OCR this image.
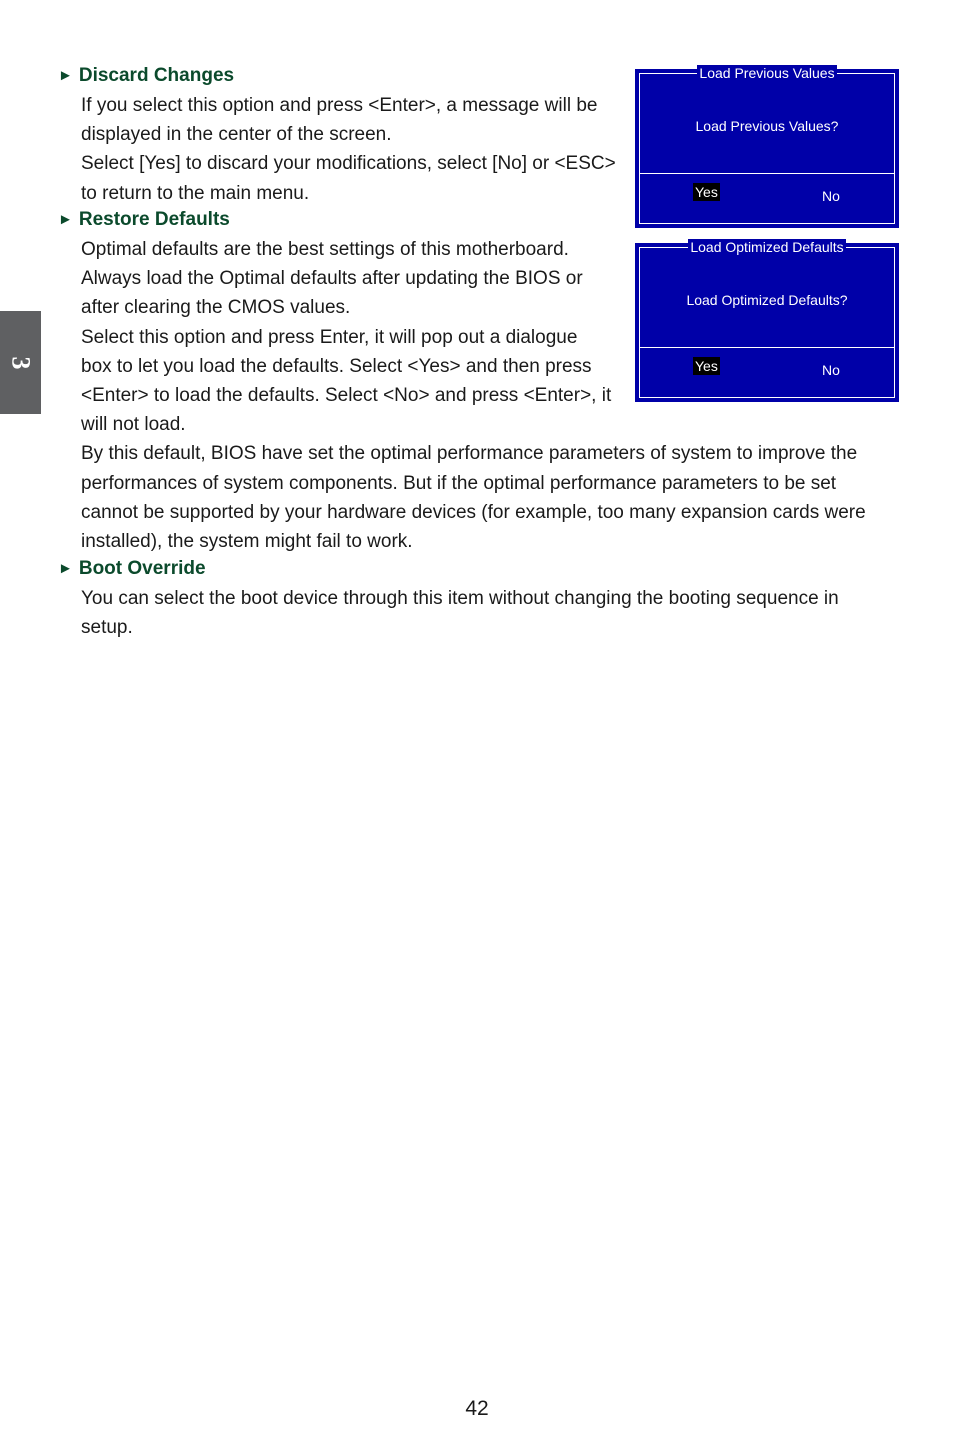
3
► Discard Changes
If you select this option and press <Enter>, a message will be
displayed in the center of the screen.
Select [Yes] to discard your modifications, select [No] or <ESC>
to return to the main menu.
► Restore Defaults
Optimal defaults are the best settings of this motherboard.
Always load the Optimal defaults after updating the BIOS or
after clearing the CMOS values.
Select this option and press Enter, it will pop out a dialogue
box to let you load the defaults. Select <Yes> and then press
<Enter> to load the defaults. Select <No> and press <Enter>, it
will not load.
By this default, BIOS have set the optimal performance parameters of system to improve the
performances of system components. But if the optimal performance parameters to be set
cannot be supported by your hardware devices (for example, too many expansion cards were
installed), the system might fail to work.
► Boot Override
You can select the boot device through this item without changing the booting sequence in
setup.
Load Previous Values
Load Previous Values?
Yes	No
Load Optimized Defaults
Load Optimized Defaults?
Yes	No
42
